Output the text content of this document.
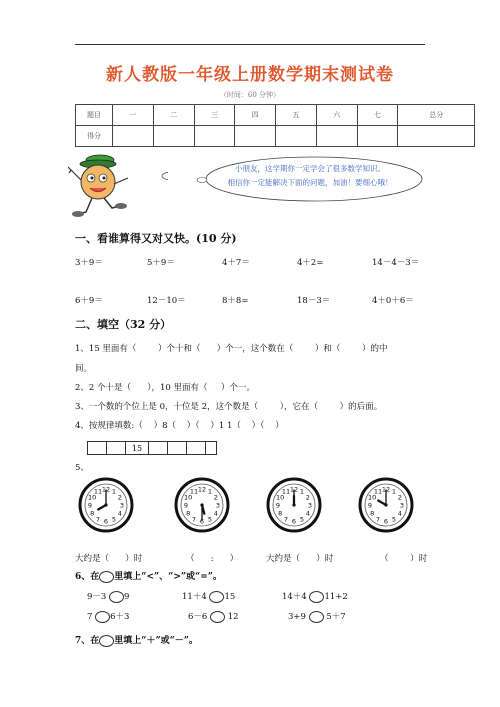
新人教版一年级上册数学期末测试卷
（时间：60 分钟）
题目	一	二	三	四	五	六	七	总分
得分								
小朋友，这学期你一定学会了很多数学知识。
相信你一定能解决下面的问题，加油！要细心哦！
一、看谁算得又对又快。(10 分)
3＋9＝	5＋9＝	4＋7＝	4＋2=	14－4－3＝
6＋9＝	12－10＝	8＋8=	18－3＝	4＋0＋6＝
二、填空（32 分）
1、15 里面有（        ）个十和（      ）个一，这个数在（        ）和（        ）的中
间。
2、2 个十是（      ），10 里面有（     ）个一。
3、一个数的个位上是 0，十位是 2，这个数是（        ），它在（        ）的后面。
4、按规律填数:（    ）8（    ）（    ）1 1（    ）（    ）
15
5、
1
2
3
4
5
6
7
8
9
10
11 12	1
2
3
4
5
6
7
8
9
10
11 12	1
2
3
4
5
6
7
8
9
10
11 12	1
2
3
4
5
6
7
8
9
10
11 12
大约是（      ）时	（      :      ）	大约是（      ）时	（        ）时
6、在 里填上“<”、“>”或“=”。
9－3 9	11＋4 15	14＋4 11+2
7 6＋3	6－6 12	3+9 5＋7
7、在 里填上“＋”或“－”。
